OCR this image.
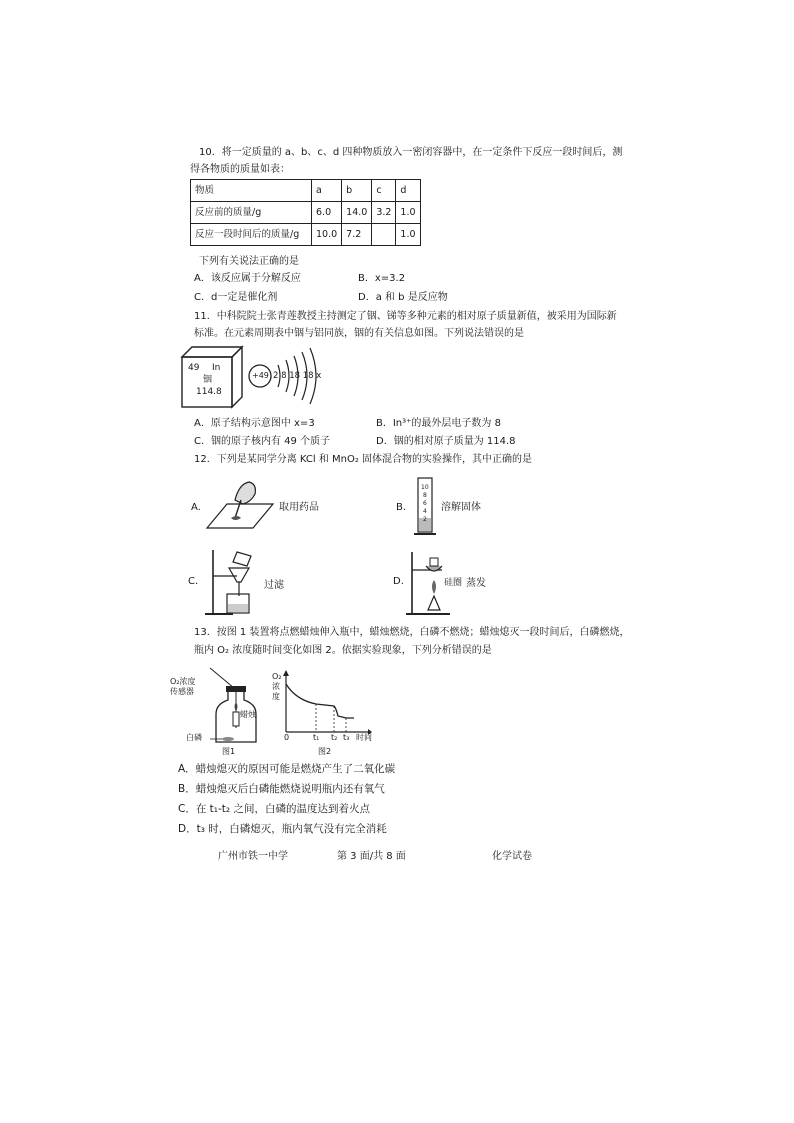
10．将一定质量的 a、b、c、d 四种物质放入一密闭容器中，在一定条件下反应一段时间后，测
得各物质的质量如表：
物质	a	b	c	d
反应前的质量/g	6.0	14.0	3.2	1.0
反应一段时间后的质量/g	10.0	7.2		1.0
下列有关说法正确的是
A．该反应属于分解反应	B．x=3.2
C．d一定是催化剂	D．a 和 b 是反应物
11．中科院院士张青莲教授主持测定了铟、锑等多种元素的相对原子质量新值，被采用为国际新
标准。在元素周期表中铟与铝同族，铟的有关信息如图。下列说法错误的是
49 In
铟
114.8
+49 2 8 18 18 x
A．原子结构示意图中 x=3	B．In³⁺的最外层电子数为 8
C．铟的原子核内有 49 个质子	D．铟的相对原子质量为 114.8
12．下列是某同学分离 KCl 和 MnO₂ 固体混合物的实验操作，其中正确的是
A.	取用药品	B.
10
8
6
4
2
溶解固体
C.	过滤	D.	硅圈 蒸发
13．按图 1 装置将点燃蜡烛伸入瓶中，蜡烛燃烧，白磷不燃烧；蜡烛熄灭一段时间后，白磷燃烧，
瓶内 O₂ 浓度随时间变化如图 2。依据实验现象，下列分析错误的是
O₂浓度
传感器
蜡烛
白磷
图1
O₂
浓
度
0	t₁ t₂ t₃ 时间
图2
A．蜡烛熄灭的原因可能是燃烧产生了二氧化碳
B．蜡烛熄灭后白磷能燃烧说明瓶内还有氧气
C．在 t₁-t₂ 之间，白磷的温度达到着火点
D．t₃ 时，白磷熄灭，瓶内氧气没有完全消耗
广州市铁一中学	第 3 面/共 8 面	化学试卷
